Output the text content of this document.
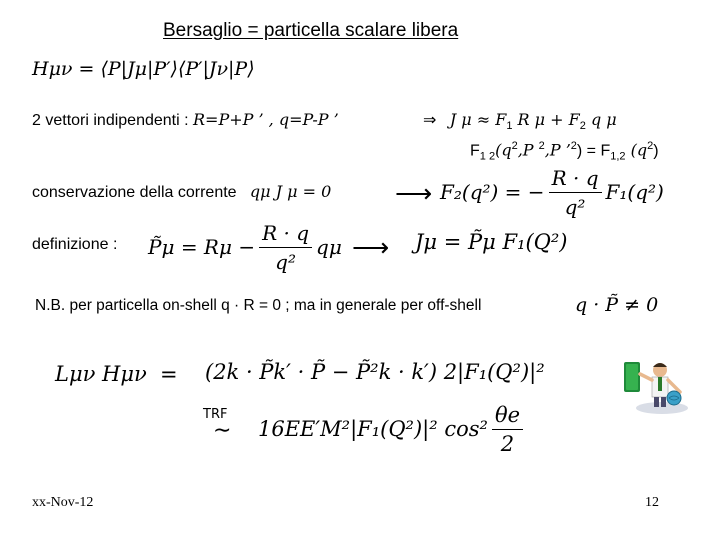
Bersaglio = particella scalare libera
Hμν = ⟨P|Jμ|P′⟩⟨P′|Jν|P⟩
2 vettori indipendenti : R=P+P ’ , q=P-P ’	⇒ J $\mu \approx F_1$ R $\mu + F_2$ q μ
$F_{1 2}(q^2,P$ $^2$,P ’$^2$) = $F_{1,2}$ $(q^2)$
conservazione della corrente qμ J μ = 0 ⟶ F₂(q²) = − $\frac{R \cdot q}{\text{q²}} F_1(q^2)$
definizione : P̃μ = $R\mu - \frac{R \cdot q}{\text{q²}}$ qμ ⟶ Jμ = P̃μ F₁(Q²)
N.B. per particella on-shell q · R = 0 ; ma in generale per off-shell	q · P̃ ≠ 0
Lμν Hμν = (2k · P̃k′ · P̃ − P̃²k · k′) 2|F₁(Q²)|²
TRF
∼ 16EE′M²|F₁(Q²)|² $\cos^2 \frac{\theta e}{2}$
xx-Nov-12	12
